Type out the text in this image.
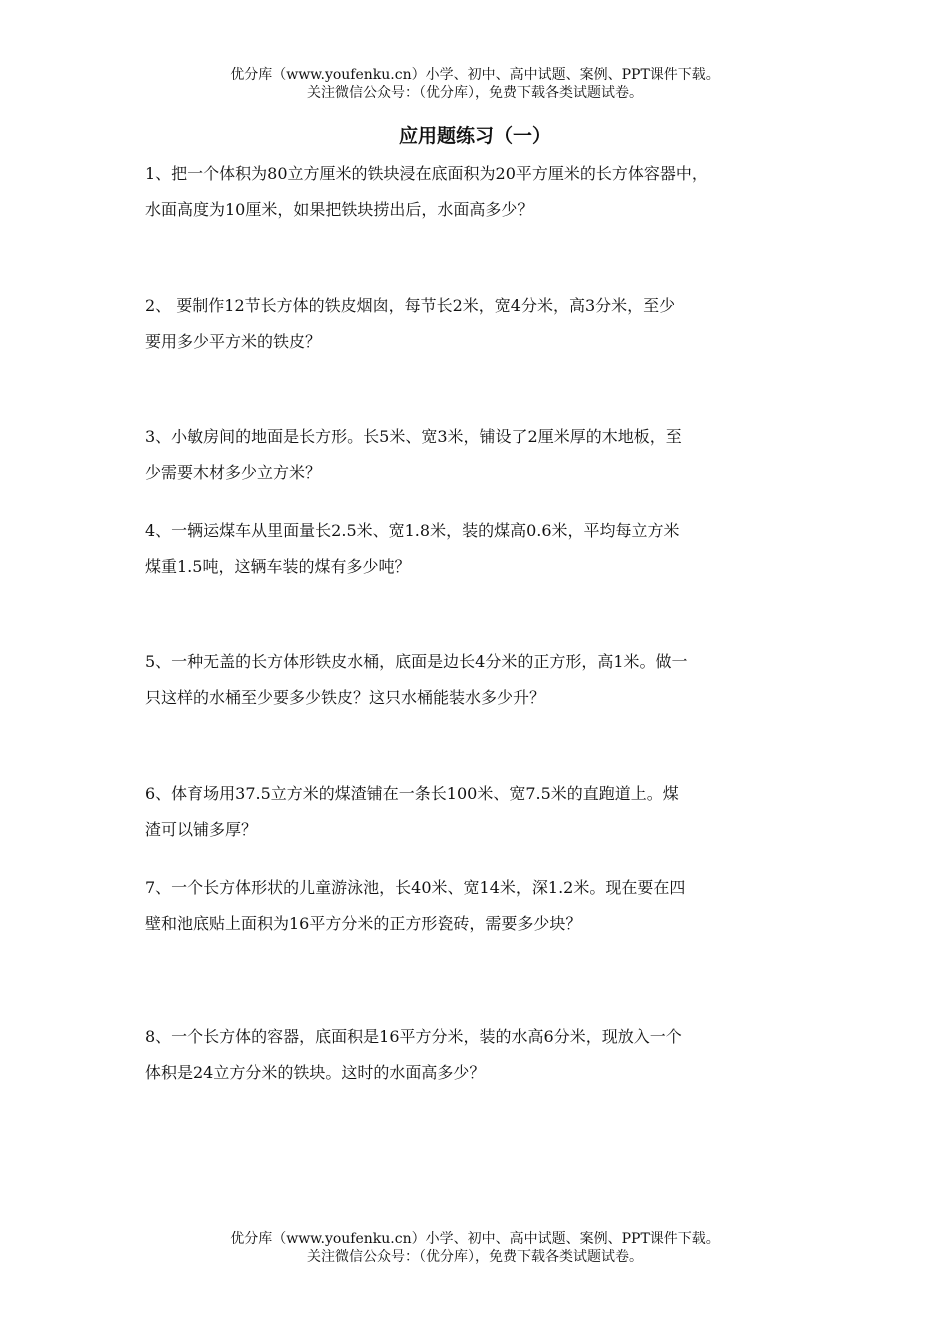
优分库（www.youfenku.cn）小学、初中、高中试题、案例、PPT课件下载。
关注微信公众号：（优分库），免费下载各类试题试卷。
应用题练习（一）
1、把一个体积为80立方厘米的铁块浸在底面积为20平方厘米的长方体容器中，
水面高度为10厘米，如果把铁块捞出后，水面高多少？
2、 要制作12节长方体的铁皮烟囱，每节长2米，宽4分米，高3分米，至少
要用多少平方米的铁皮？
3、小敏房间的地面是长方形。长5米、宽3米，铺设了2厘米厚的木地板，至
少需要木材多少立方米？
4、一辆运煤车从里面量长2.5米、宽1.8米，装的煤高0.6米，平均每立方米
煤重1.5吨，这辆车装的煤有多少吨？
5、一种无盖的长方体形铁皮水桶，底面是边长4分米的正方形，高1米。做一
只这样的水桶至少要多少铁皮？这只水桶能装水多少升？
6、体育场用37.5立方米的煤渣铺在一条长100米、宽7.5米的直跑道上。煤
渣可以铺多厚？
7、一个长方体形状的儿童游泳池，长40米、宽14米，深1.2米。现在要在四
壁和池底贴上面积为16平方分米的正方形瓷砖，需要多少块？
8、一个长方体的容器，底面积是16平方分米，装的水高6分米，现放入一个
体积是24立方分米的铁块。这时的水面高多少？
优分库（www.youfenku.cn）小学、初中、高中试题、案例、PPT课件下载。
关注微信公众号：（优分库），免费下载各类试题试卷。
